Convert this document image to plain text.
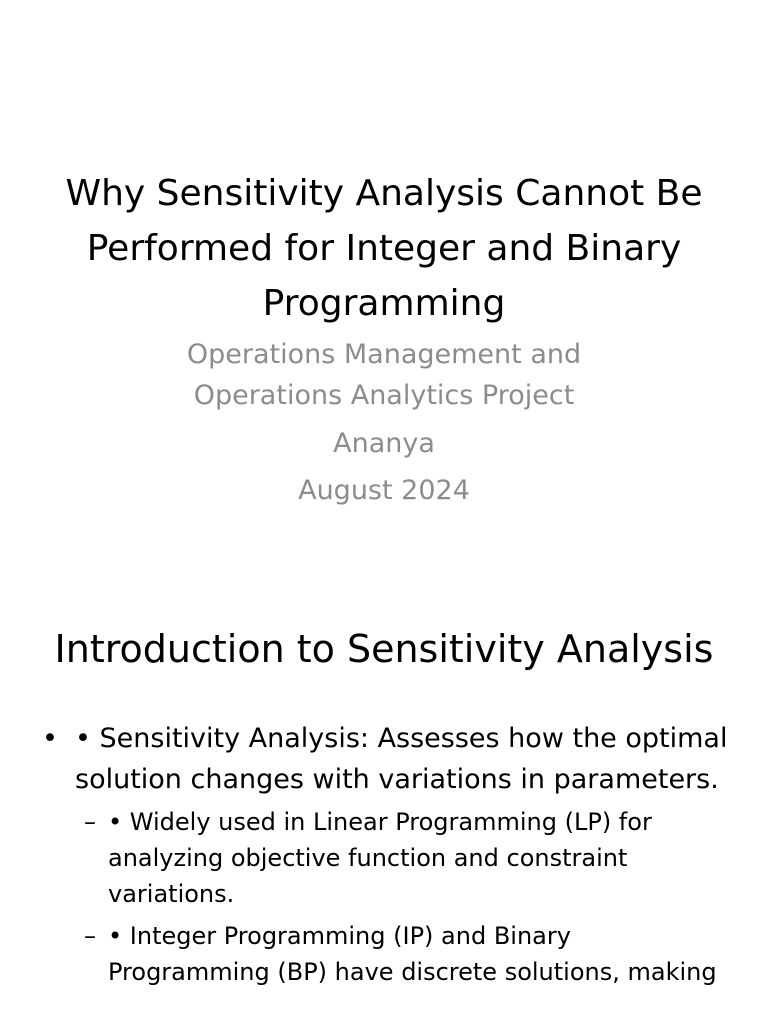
Why Sensitivity Analysis Cannot Be Performed for Integer and Binary Programming
Operations Management and
Operations Analytics Project
Ananya
August 2024
Introduction to Sensitivity Analysis
• • Sensitivity Analysis: Assesses how the optimal solution changes with variations in parameters.
– • Widely used in Linear Programming (LP) for analyzing objective function and constraint variations.
– • Integer Programming (IP) and Binary Programming (BP) have discrete solutions, making
